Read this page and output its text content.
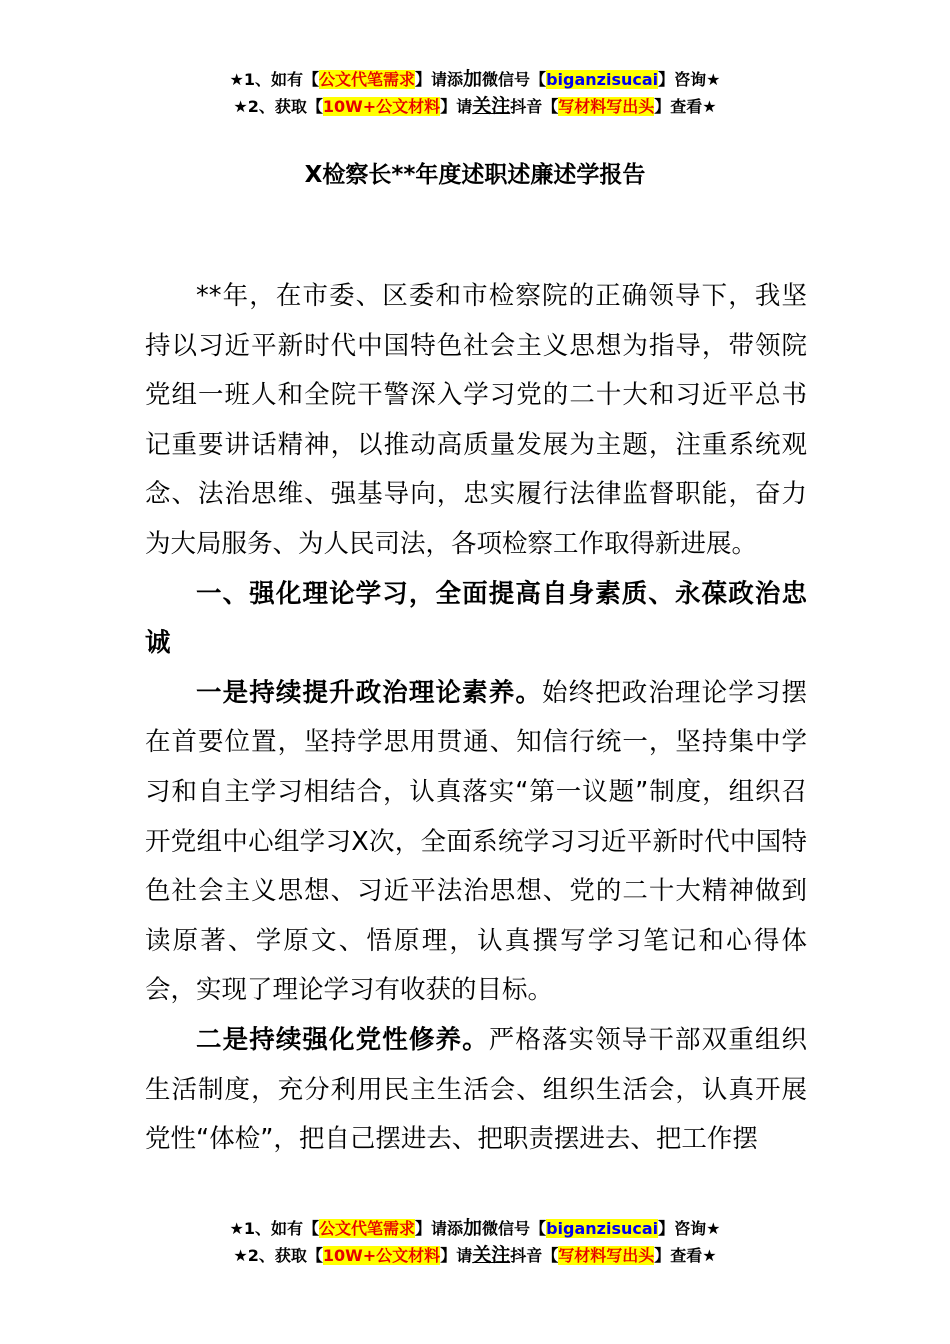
★1、如有【公文代笔需求】请添加微信号【biganzisucai】咨询★
★2、获取【10W+公文材料】请关注抖音【写材料写出头】查看★
X检察长**年度述职述廉述学报告

**年，在市委、区委和市检察院的正确领导下，我坚持以习近平新时代中国特色社会主义思想为指导，带领院党组一班人和全院干警深入学习党的二十大和习近平总书记重要讲话精神，以推动高质量发展为主题，注重系统观念、法治思维、强基导向，忠实履行法律监督职能，奋力为大局服务、为人民司法，各项检察工作取得新进展。

一、强化理论学习，全面提高自身素质、永葆政治忠诚

一是持续提升政治理论素养。始终把政治理论学习摆在首要位置，坚持学思用贯通、知信行统一，坚持集中学习和自主学习相结合，认真落实“第一议题”制度，组织召开党组中心组学习X次，全面系统学习习近平新时代中国特色社会主义思想、习近平法治思想、党的二十大精神做到读原著、学原文、悟原理，认真撰写学习笔记和心得体会，实现了理论学习有收获的目标。

二是持续强化党性修养。严格落实领导干部双重组织生活制度，充分利用民主生活会、组织生活会，认真开展党性“体检”，把自己摆进去、把职责摆进去、把工作摆

★1、如有【公文代笔需求】请添加微信号【biganzisucai】咨询★
★2、获取【10W+公文材料】请关注抖音【写材料写出头】查看★
